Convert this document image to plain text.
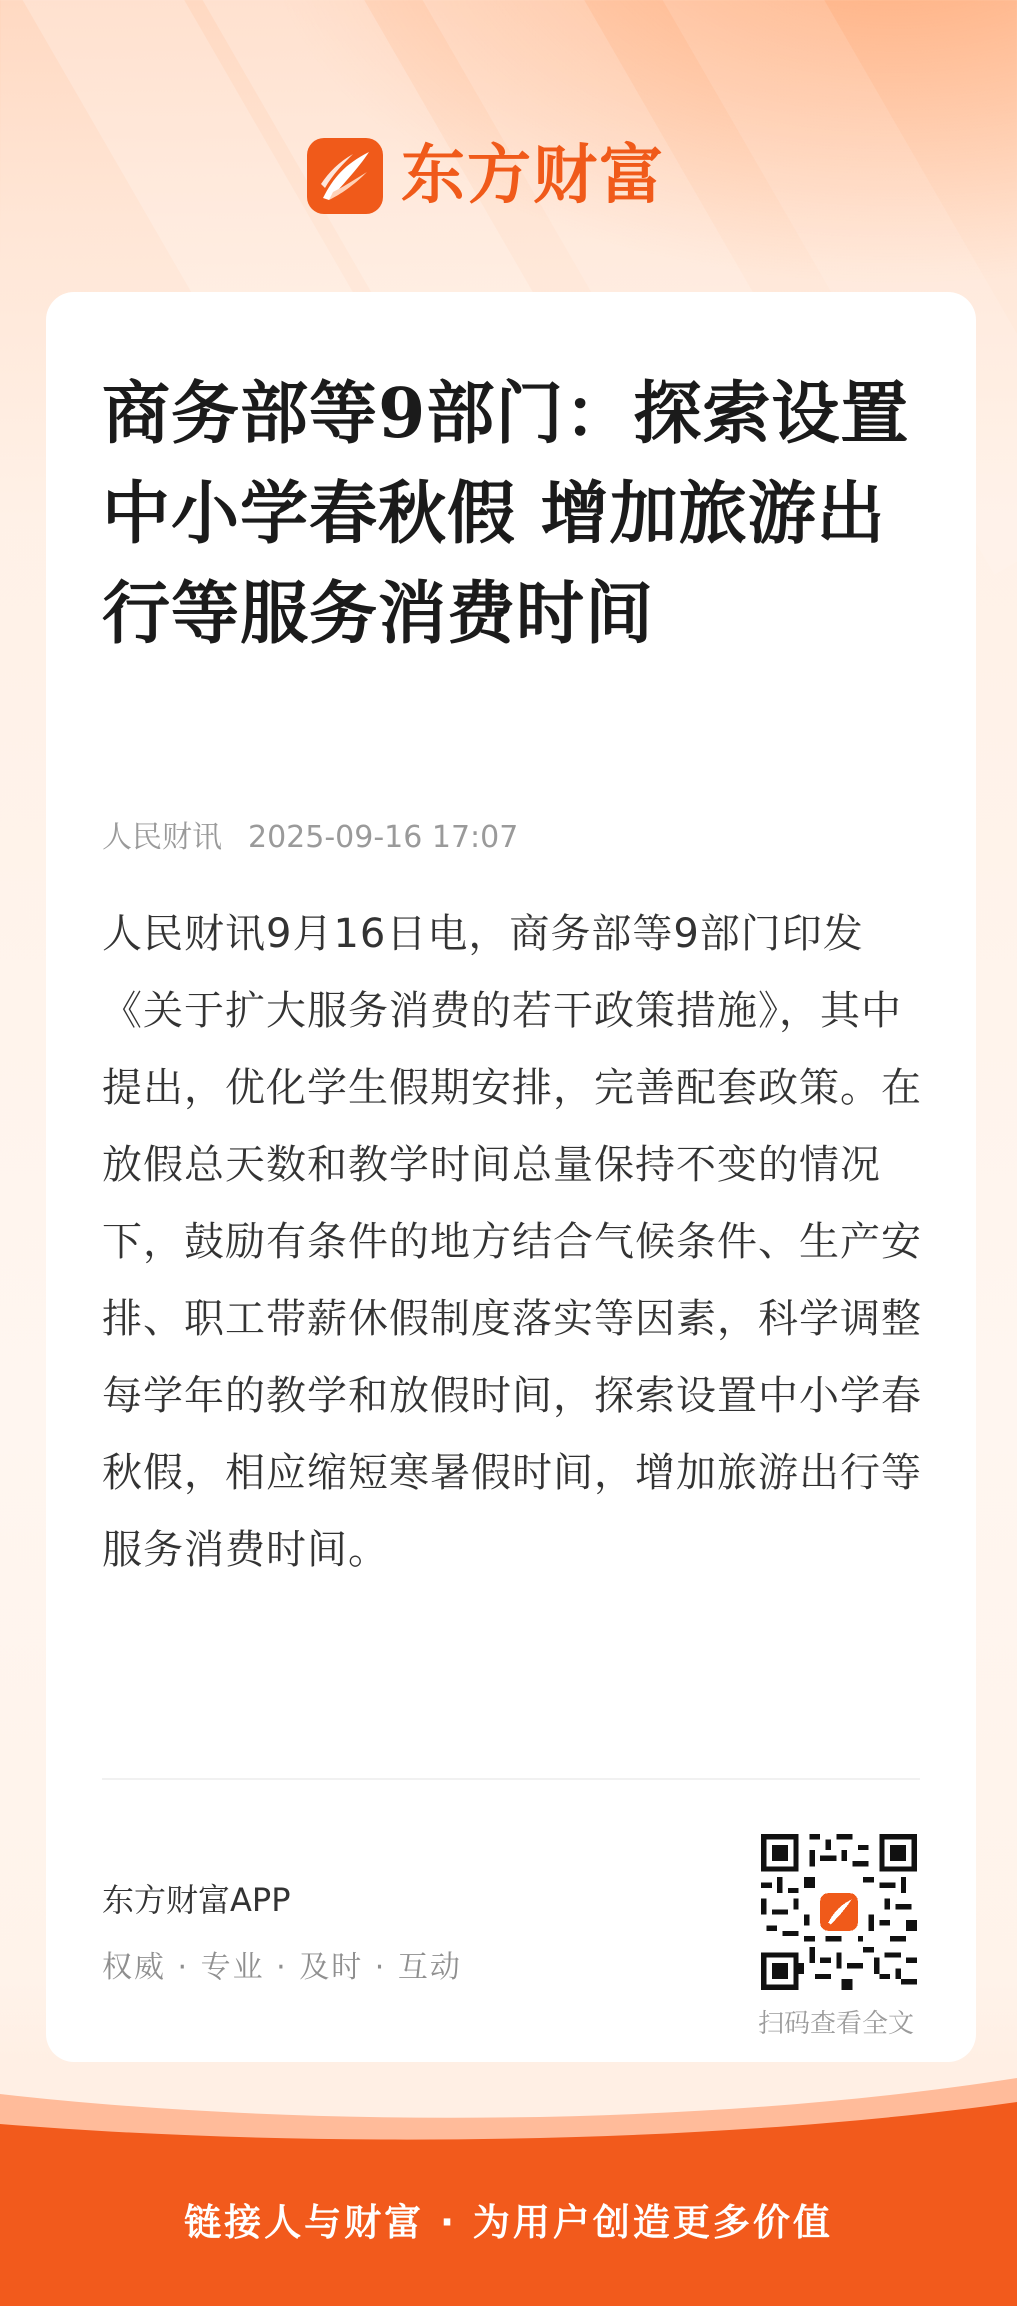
东方财富
商务部等9部门：探索设置中小学春秋假 增加旅游出行等服务消费时间
人民财讯 2025-09-16 17:07

人民财讯9月16日电，商务部等9部门印发《关于扩大服务消费的若干政策措施》，其中提出，优化学生假期安排，完善配套政策。在放假总天数和教学时间总量保持不变的情况下，鼓励有条件的地方结合气候条件、生产安排、职工带薪休假制度落实等因素，科学调整每学年的教学和放假时间，探索设置中小学春秋假，相应缩短寒暑假时间，增加旅游出行等服务消费时间。

东方财富APP
权威 · 专业 · 及时 · 互动
扫码查看全文
链接人与财富 · 为用户创造更多价值
